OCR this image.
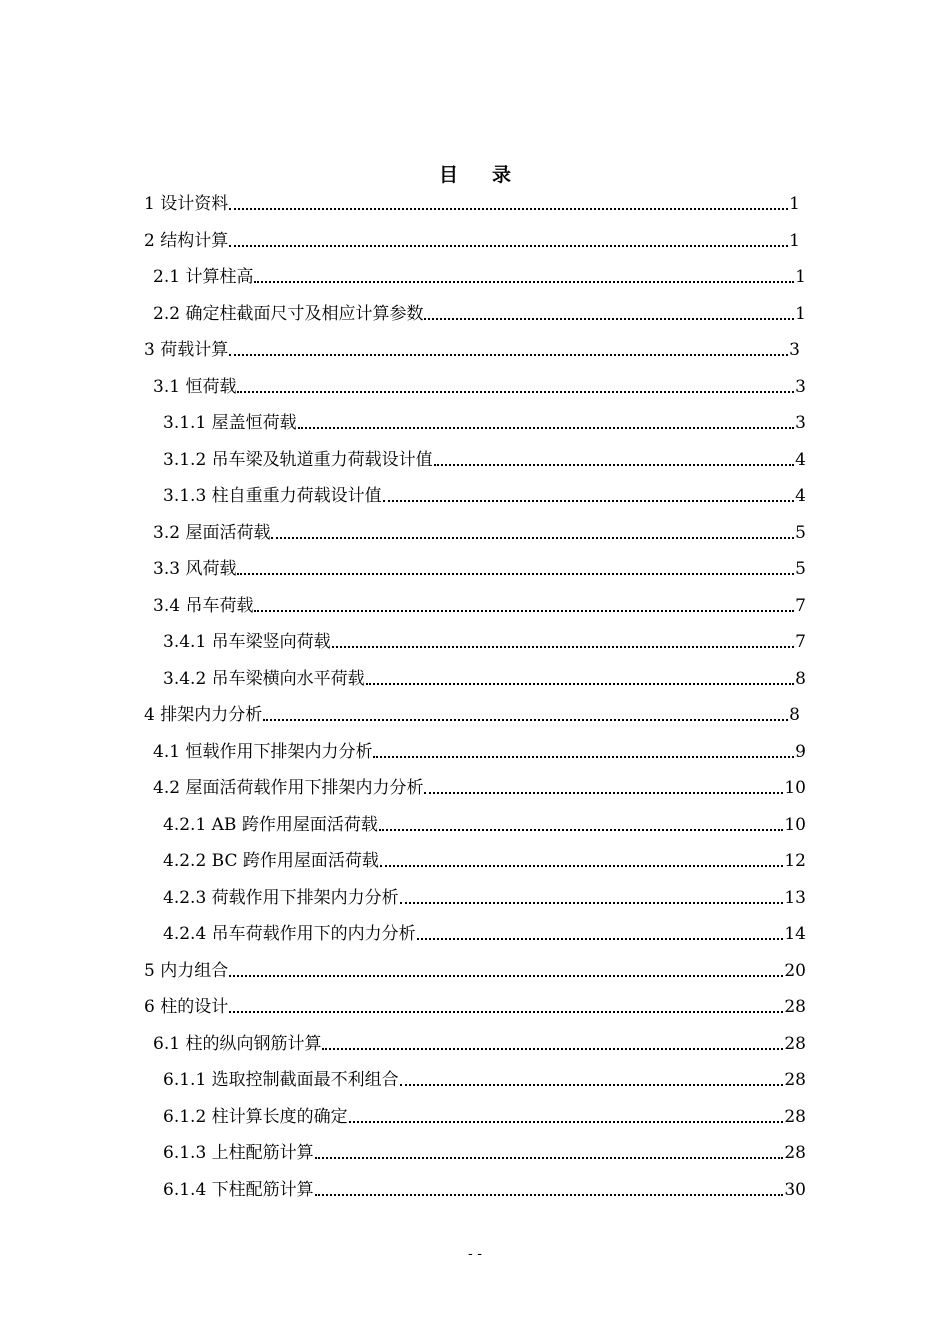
目 录
1 设计资料	1
2 结构计算	1
2.1 计算柱高	1
2.2 确定柱截面尺寸及相应计算参数	1
3 荷载计算	3
3.1 恒荷载	3
3.1.1 屋盖恒荷载	3
3.1.2 吊车梁及轨道重力荷载设计值	4
3.1.3 柱自重重力荷载设计值	4
3.2 屋面活荷载	5
3.3 风荷载	5
3.4 吊车荷载	7
3.4.1 吊车梁竖向荷载	7
3.4.2 吊车梁横向水平荷载	8
4 排架内力分析	8
4.1 恒载作用下排架内力分析	9
4.2 屋面活荷载作用下排架内力分析	10
4.2.1 AB 跨作用屋面活荷载	10
4.2.2 BC 跨作用屋面活荷载	12
4.2.3 荷载作用下排架内力分析	13
4.2.4 吊车荷载作用下的内力分析	14
5 内力组合	20
6 柱的设计	28
6.1 柱的纵向钢筋计算	28
6.1.1 选取控制截面最不利组合	28
6.1.2 柱计算长度的确定	28
6.1.3 上柱配筋计算	28
6.1.4 下柱配筋计算	30
- -
